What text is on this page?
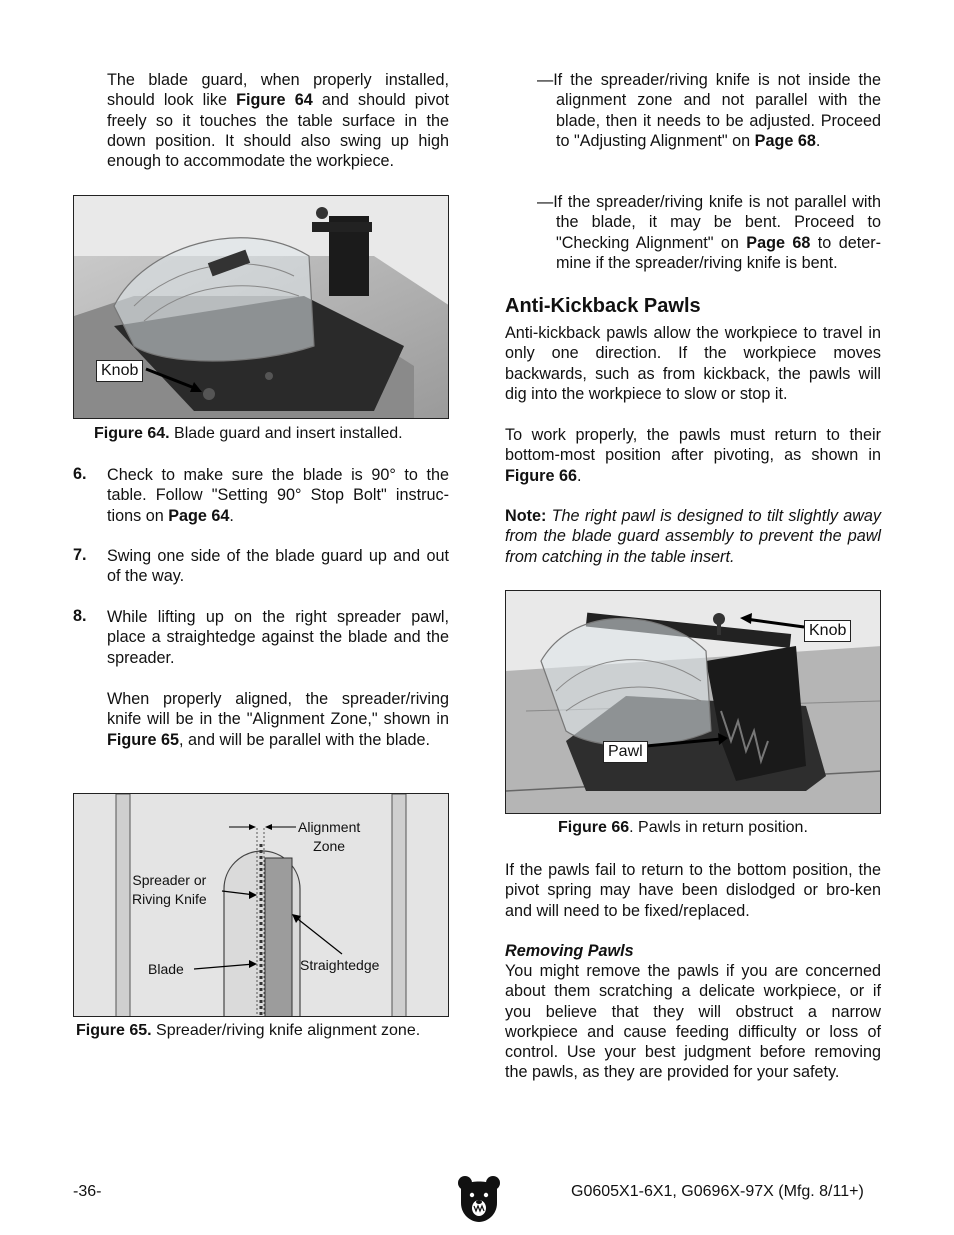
The blade guard, when properly installed, should look like Figure 64 and should pivot freely so it touches the table surface in the down position. It should also swing up high enough to accommodate the workpiece.
Knob
Figure 64. Blade guard and insert installed.
6. Check to make sure the blade is 90° to the table. Follow "Setting 90° Stop Bolt" instruc-tions on Page 64.
7. Swing one side of the blade guard up and out of the way.
8. While lifting up on the right spreader pawl, place a straightedge against the blade and the spreader.
When properly aligned, the spreader/riving knife will be in the "Alignment Zone," shown in Figure 65, and will be parallel with the blade.
Alignment
Zone
Spreader or
Riving Knife
Blade	Straightedge
Figure 65. Spreader/riving knife alignment zone.
—If the spreader/riving knife is not inside the alignment zone and not parallel with the blade, then it needs to be adjusted. Proceed to "Adjusting Alignment" on Page 68.
—If the spreader/riving knife is not parallel with the blade, it may be bent. Proceed to "Checking Alignment" on Page 68 to deter-mine if the spreader/riving knife is bent.
Anti-Kickback Pawls
Anti-kickback pawls allow the workpiece to travel in only one direction. If the workpiece moves backwards, such as from kickback, the pawls will dig into the workpiece to slow or stop it.
To work properly, the pawls must return to their bottom-most position after pivoting, as shown in Figure 66.
Note: The right pawl is designed to tilt slightly away from the blade guard assembly to prevent the pawl from catching in the table insert.
Knob
Pawl
Figure 66. Pawls in return position.
If the pawls fail to return to the bottom position, the pivot spring may have been dislodged or bro-ken and will need to be fixed/replaced.
Removing Pawls
You might remove the pawls if you are concerned about them scratching a delicate workpiece, or if you believe that they will obstruct a narrow workpiece and cause feeding difficulty or loss of control. Use your best judgment before removing the pawls, as they are provided for your safety.
-36-	G0605X1-6X1, G0696X-97X (Mfg. 8/11+)
